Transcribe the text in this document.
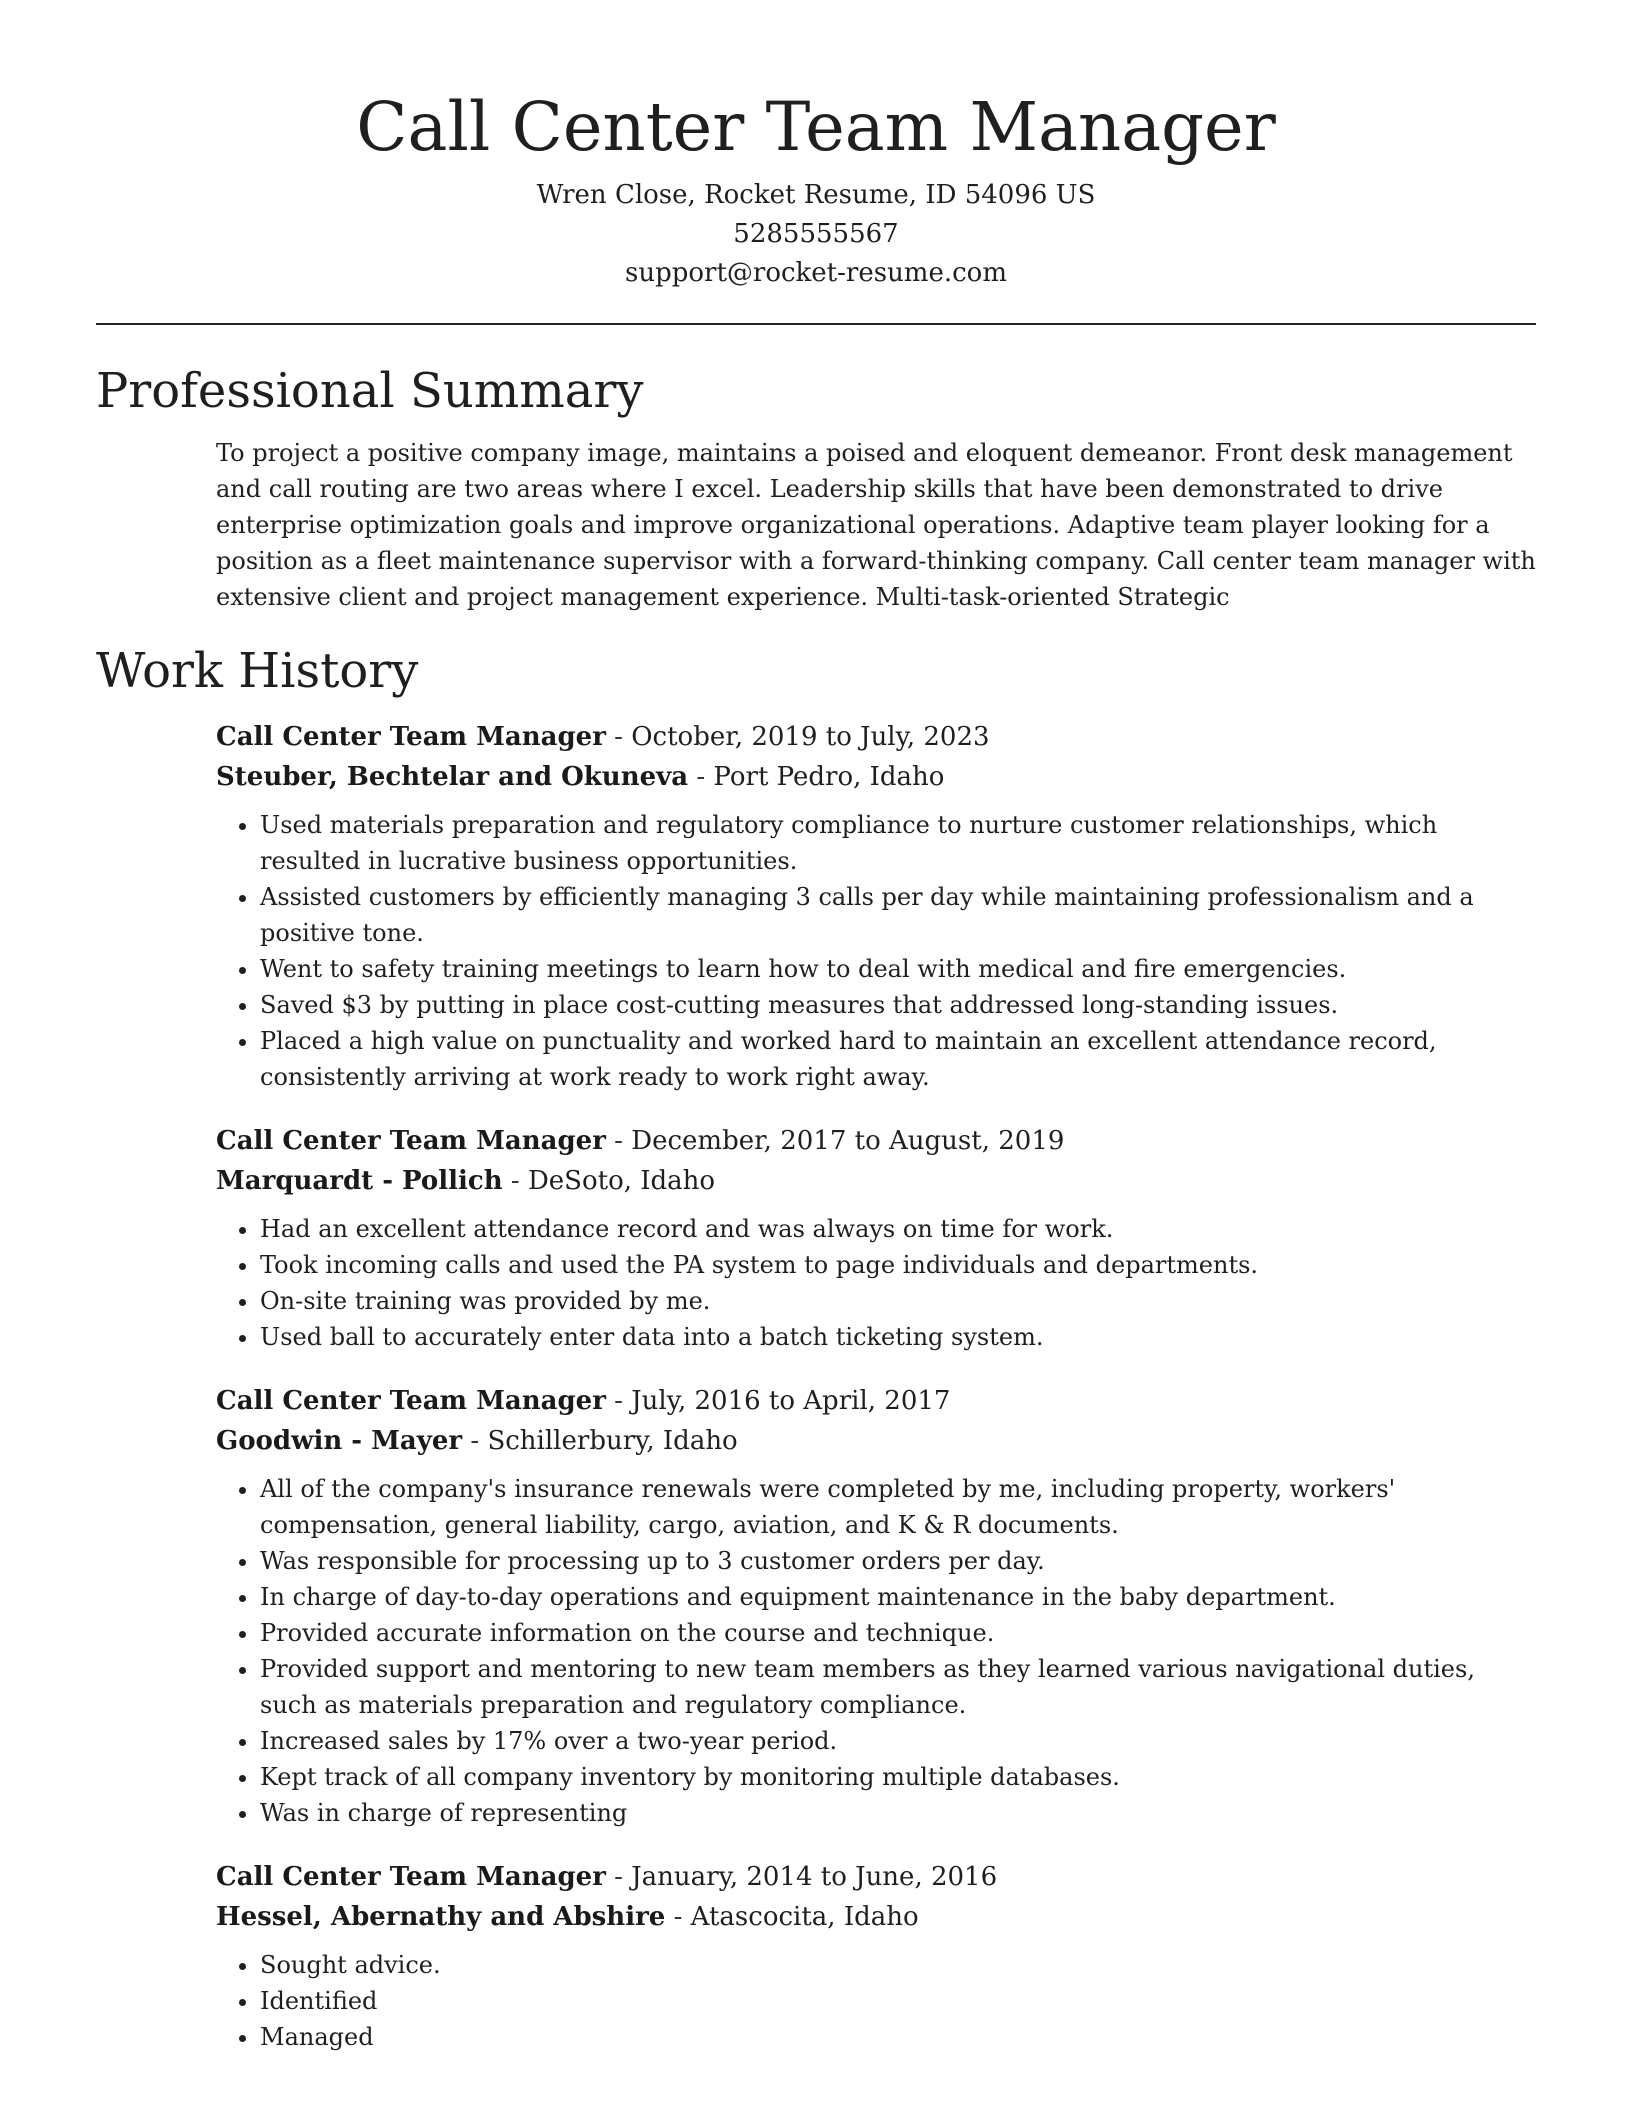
Call Center Team Manager
Wren Close, Rocket Resume, ID 54096 US
5285555567
support@rocket-resume.com
Professional Summary

To project a positive company image, maintains a poised and eloquent demeanor. Front desk management and call routing are two areas where I excel. Leadership skills that have been demonstrated to drive enterprise optimization goals and improve organizational operations. Adaptive team player looking for a position as a fleet maintenance supervisor with a forward-thinking company. Call center team manager with extensive client and project management experience. Multi-task-oriented Strategic

Work History
Call Center Team Manager - October, 2019 to July, 2023
Steuber, Bechtelar and Okuneva - Port Pedro, Idaho
• Used materials preparation and regulatory compliance to nurture customer relationships, which resulted in lucrative business opportunities.
• Assisted customers by efficiently managing 3 calls per day while maintaining professionalism and a positive tone.
• Went to safety training meetings to learn how to deal with medical and fire emergencies.
• Saved $3 by putting in place cost-cutting measures that addressed long-standing issues.
• Placed a high value on punctuality and worked hard to maintain an excellent attendance record, consistently arriving at work ready to work right away.
Call Center Team Manager - December, 2017 to August, 2019
Marquardt - Pollich - DeSoto, Idaho
• Had an excellent attendance record and was always on time for work.
• Took incoming calls and used the PA system to page individuals and departments.
• On-site training was provided by me.
• Used ball to accurately enter data into a batch ticketing system.
Call Center Team Manager - July, 2016 to April, 2017
Goodwin - Mayer - Schillerbury, Idaho
• All of the company's insurance renewals were completed by me, including property, workers' compensation, general liability, cargo, aviation, and K & R documents.
• Was responsible for processing up to 3 customer orders per day.
• In charge of day-to-day operations and equipment maintenance in the baby department.
• Provided accurate information on the course and technique.
• Provided support and mentoring to new team members as they learned various navigational duties, such as materials preparation and regulatory compliance.
• Increased sales by 17% over a two-year period.
• Kept track of all company inventory by monitoring multiple databases.
• Was in charge of representing
Call Center Team Manager - January, 2014 to June, 2016
Hessel, Abernathy and Abshire - Atascocita, Idaho
• Sought advice.
• Identified
• Managed
